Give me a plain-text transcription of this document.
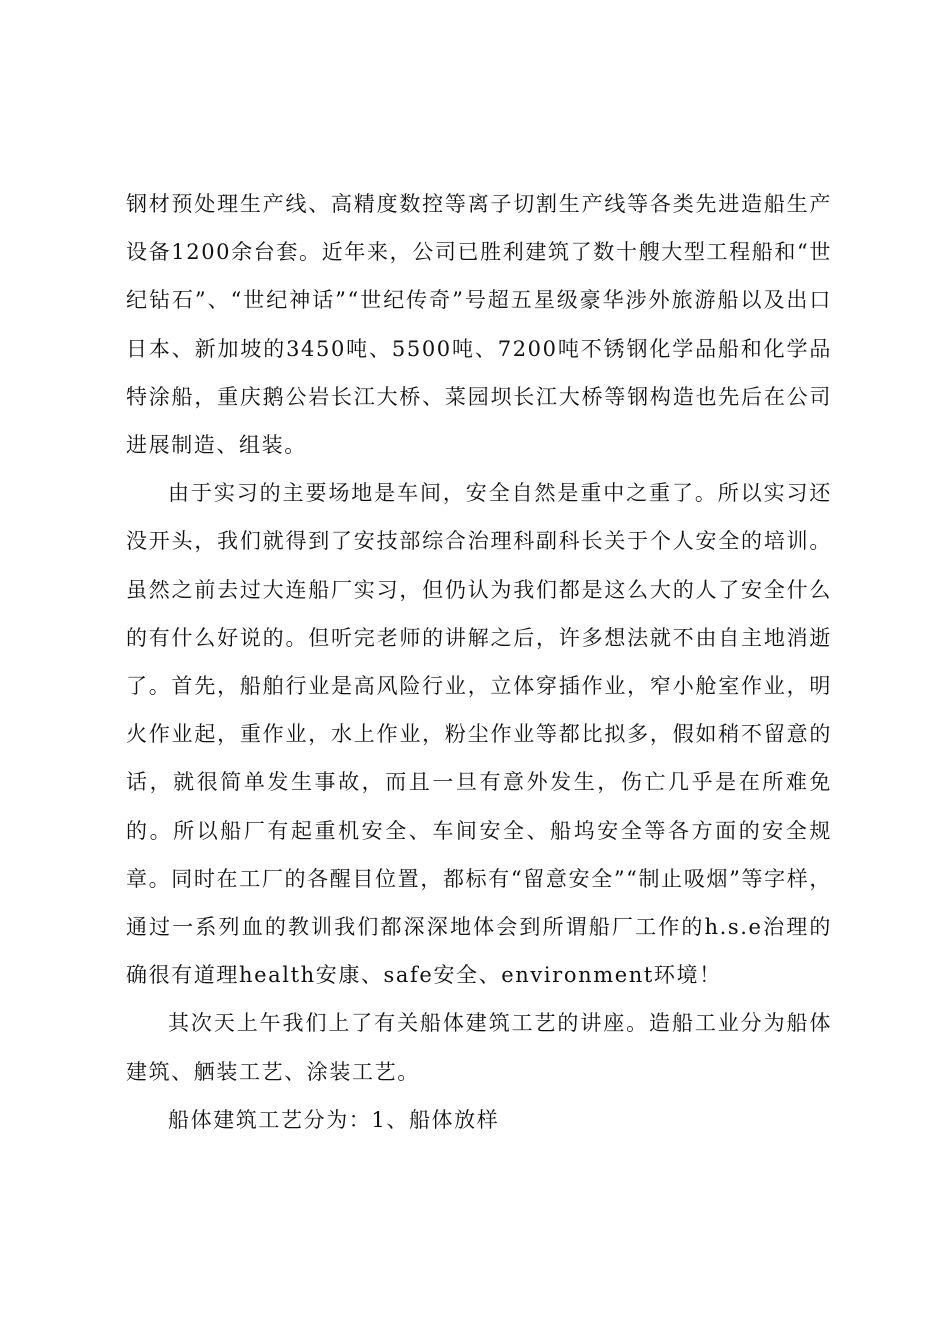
钢材预处理生产线、高精度数控等离子切割生产线等各类先进造船生产设备1200余台套。近年来，公司已胜利建筑了数十艘大型工程船和“世纪钻石”、“世纪神话”“世纪传奇”号超五星级豪华涉外旅游船以及出口日本、新加坡的3450吨、5500吨、7200吨不锈钢化学品船和化学品特涂船，重庆鹅公岩长江大桥、菜园坝长江大桥等钢构造也先后在公司进展制造、组装。

由于实习的主要场地是车间，安全自然是重中之重了。所以实习还没开头，我们就得到了安技部综合治理科副科长关于个人安全的培训。虽然之前去过大连船厂实习，但仍认为我们都是这么大的人了安全什么的有什么好说的。但听完老师的讲解之后，许多想法就不由自主地消逝了。首先，船舶行业是高风险行业，立体穿插作业，窄小舱室作业，明火作业起，重作业，水上作业，粉尘作业等都比拟多，假如稍不留意的话，就很简单发生事故，而且一旦有意外发生，伤亡几乎是在所难免的。所以船厂有起重机安全、车间安全、船坞安全等各方面的安全规章。同时在工厂的各醒目位置，都标有“留意安全”“制止吸烟”等字样，通过一系列血的教训我们都深深地体会到所谓船厂工作的h.s.e治理的确很有道理health安康、safe安全、environment环境！

其次天上午我们上了有关船体建筑工艺的讲座。造船工业分为船体建筑、舾装工艺、涂装工艺。

船体建筑工艺分为：1、船体放样
